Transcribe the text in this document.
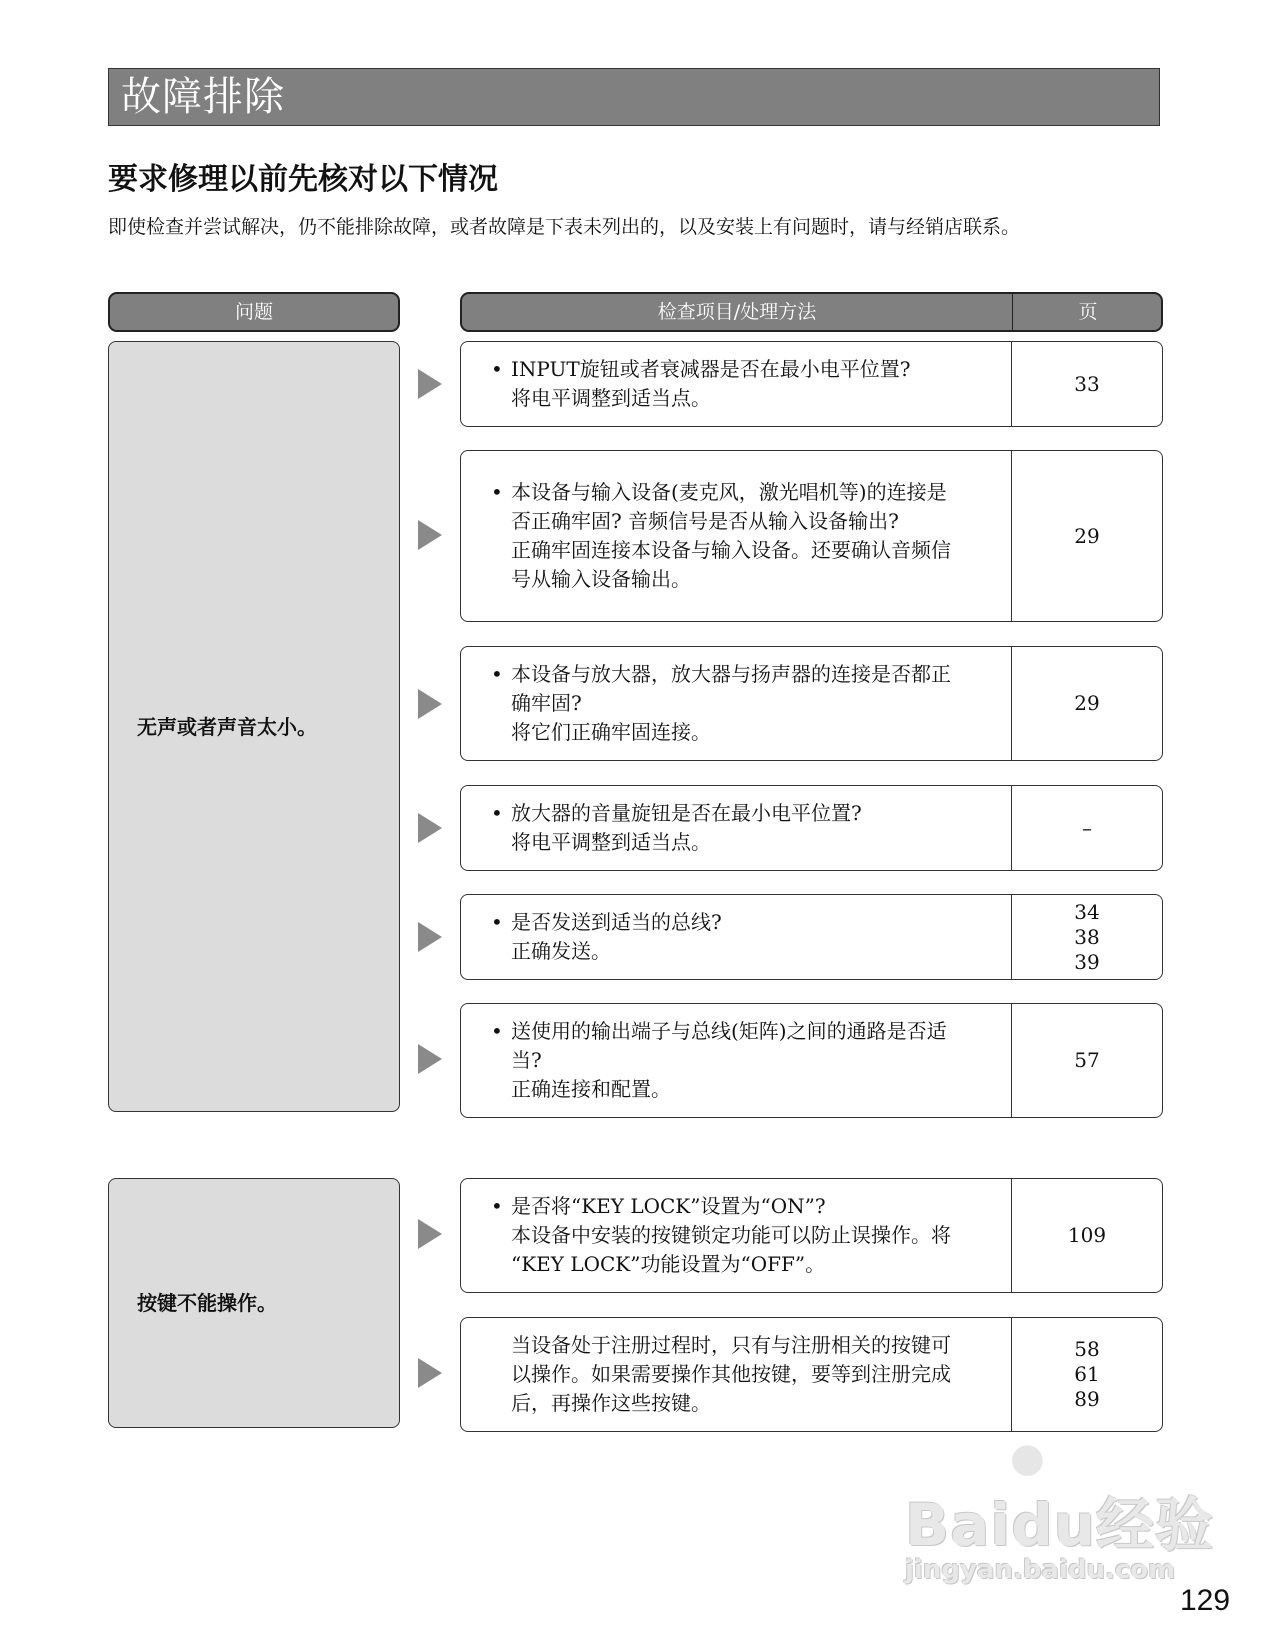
故障排除
要求修理以前先核对以下情况
即使检查并尝试解决，仍不能排除故障，或者故障是下表未列出的，以及安装上有问题时，请与经销店联系。
问题	检查项目/处理方法	页
无声或者声音太小。
• INPUT旋钮或者衰减器是否在最小电平位置?
将电平调整到适当点。
33
• 本设备与输入设备(麦克风，激光唱机等)的连接是
否正确牢固? 音频信号是否从输入设备输出?
正确牢固连接本设备与输入设备。还要确认音频信
号从输入设备输出。
29
• 本设备与放大器，放大器与扬声器的连接是否都正
确牢固?
将它们正确牢固连接。
29
• 放大器的音量旋钮是否在最小电平位置?
将电平调整到适当点。
–
• 是否发送到适当的总线?
正确发送。
34
38
39
• 送使用的输出端子与总线(矩阵)之间的通路是否适
当?
正确连接和配置。
57
按键不能操作。
• 是否将“KEY LOCK”设置为“ON”?
本设备中安装的按键锁定功能可以防止误操作。将
“KEY LOCK”功能设置为“OFF”。
109
当设备处于注册过程时，只有与注册相关的按键可
以操作。如果需要操作其他按键，要等到注册完成
后，再操作这些按键。
58
61
89
●
Baidu经验
jingyan.baidu.com
129
